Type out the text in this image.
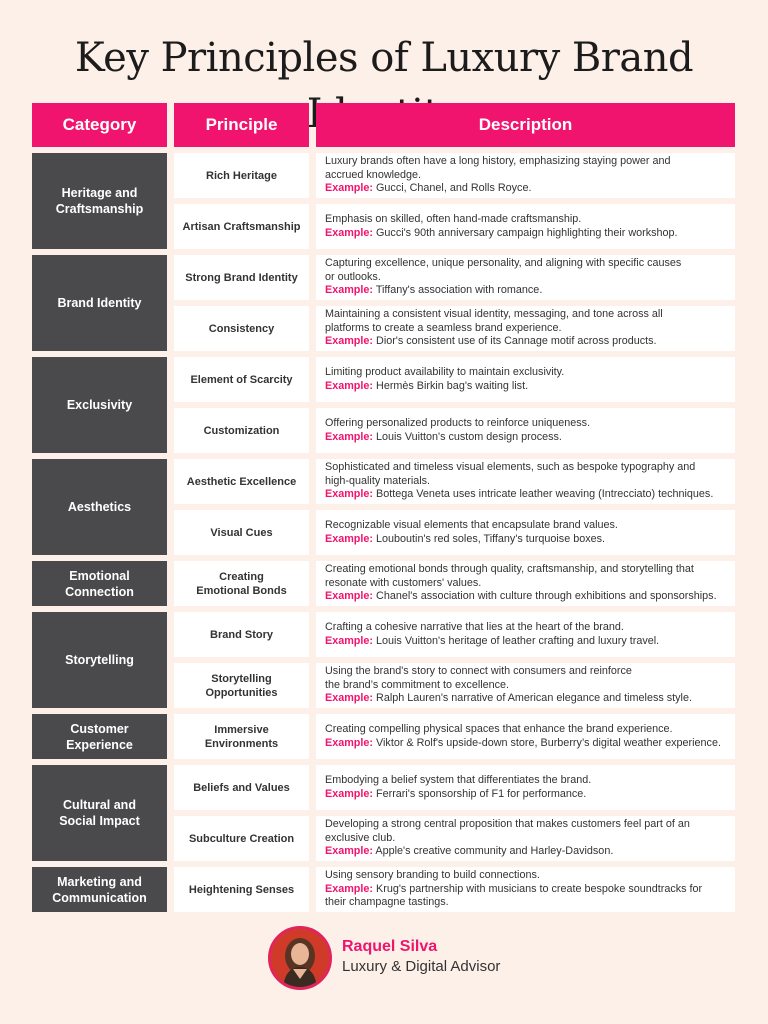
Key Principles of Luxury Brand
Category	Principle	Description
Heritage and
Craftsmanship
Rich Heritage
Luxury brands often have a long history, emphasizing staying power and
accrued knowledge.
Example: Gucci, Chanel, and Rolls Royce.
Artisan Craftsmanship
Emphasis on skilled, often hand-made craftsmanship.
Example: Gucci's 90th anniversary campaign highlighting their workshop.
Brand Identity
Strong Brand Identity
Capturing excellence, unique personality, and aligning with specific causes
or outlooks.
Example: Tiffany's association with romance.
Consistency
Maintaining a consistent visual identity, messaging, and tone across all
platforms to create a seamless brand experience.
Example: Dior's consistent use of its Cannage motif across products.
Exclusivity
Element of Scarcity
Limiting product availability to maintain exclusivity.
Example: Hermès Birkin bag's waiting list.
Customization
Offering personalized products to reinforce uniqueness.
Example: Louis Vuitton's custom design process.
Aesthetics
Aesthetic Excellence
Sophisticated and timeless visual elements, such as bespoke typography and
high-quality materials.
Example: Bottega Veneta uses intricate leather weaving (Intrecciato) techniques.
Visual Cues
Recognizable visual elements that encapsulate brand values.
Example: Louboutin's red soles, Tiffany's turquoise boxes.
Emotional
Connection
Creating
Emotional Bonds
Creating emotional bonds through quality, craftsmanship, and storytelling that
resonate with customers' values.
Example: Chanel's association with culture through exhibitions and sponsorships.
Storytelling
Brand Story
Crafting a cohesive narrative that lies at the heart of the brand.
Example: Louis Vuitton's heritage of leather crafting and luxury travel.
Storytelling
Opportunities
Using the brand's story to connect with consumers and reinforce
the brand’s commitment to excellence.
Example: Ralph Lauren's narrative of American elegance and timeless style.
Customer
Experience
Immersive
Environments
Creating compelling physical spaces that enhance the brand experience.
Example: Viktor & Rolf's upside-down store, Burberry’s digital weather experience.
Cultural and
Social Impact
Beliefs and Values
Embodying a belief system that differentiates the brand.
Example: Ferrari's sponsorship of F1 for performance.
Subculture Creation
Developing a strong central proposition that makes customers feel part of an
exclusive club.
Example: Apple's creative community and Harley-Davidson.
Marketing and
Communication
Heightening Senses
Using sensory branding to build connections.
Example: Krug's partnership with musicians to create bespoke soundtracks for
their champagne tastings.
Raquel Silva
Luxury & Digital Advisor
